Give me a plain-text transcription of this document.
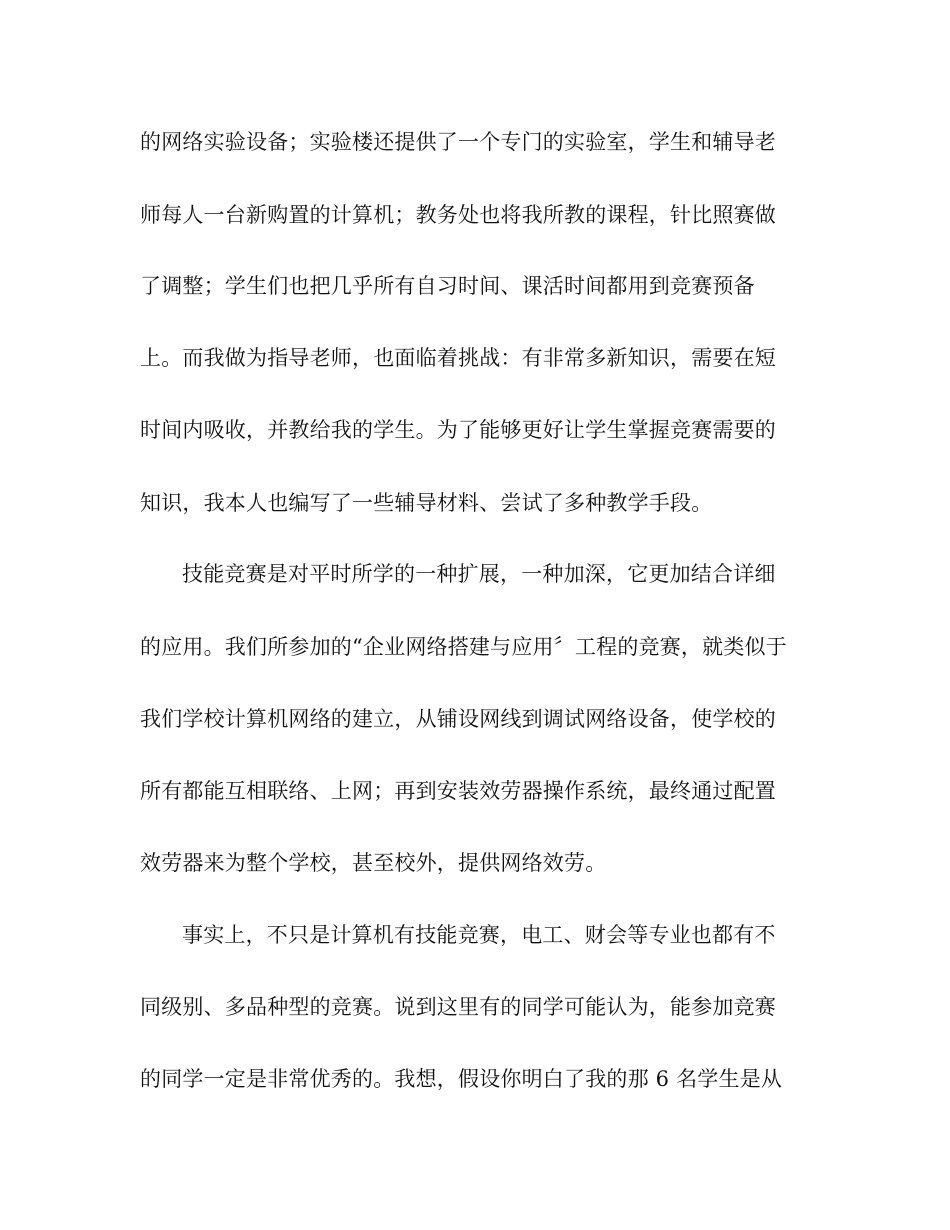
的网络实验设备；实验楼还提供了一个专门的实验室，学生和辅导老
师每人一台新购置的计算机；教务处也将我所教的课程，针比照赛做
了调整；学生们也把几乎所有自习时间、课活时间都用到竞赛预备
上。而我做为指导老师，也面临着挑战：有非常多新知识，需要在短
时间内吸收，并教给我的学生。为了能够更好让学生掌握竞赛需要的
知识，我本人也编写了一些辅导材料、尝试了多种教学手段。
技能竞赛是对平时所学的一种扩展，一种加深，它更加结合详细
的应用。我们所参加的“企业网络搭建与应用〞工程的竞赛，就类似于
我们学校计算机网络的建立，从铺设网线到调试网络设备，使学校的
所有都能互相联络、上网；再到安装效劳器操作系统，最终通过配置
效劳器来为整个学校，甚至校外，提供网络效劳。
事实上，不只是计算机有技能竞赛，电工、财会等专业也都有不
同级别、多品种型的竞赛。说到这里有的同学可能认为，能参加竞赛
的同学一定是非常优秀的。我想，假设你明白了我的那 6 名学生是从
